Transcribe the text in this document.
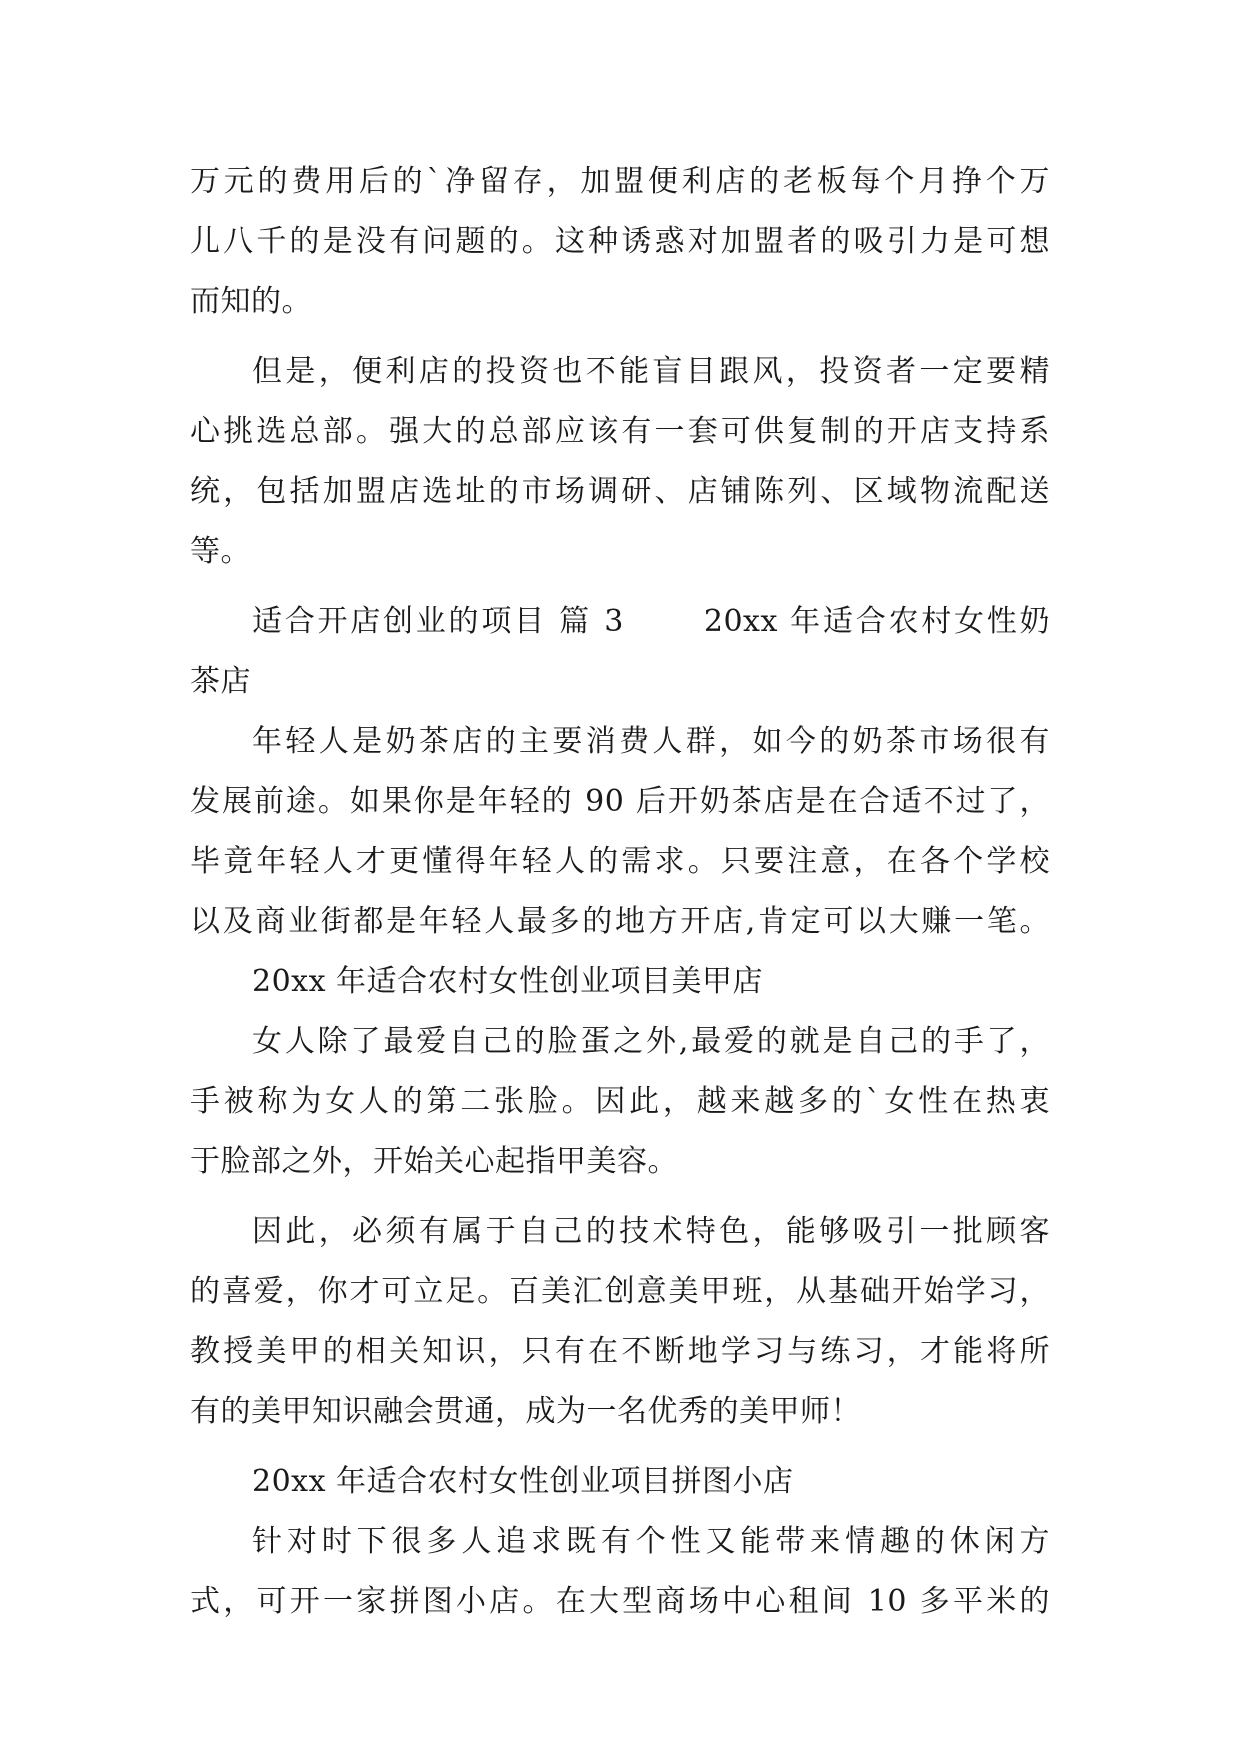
万元的费用后的`净留存，加盟便利店的老板每个月挣个万
儿八千的是没有问题的。这种诱惑对加盟者的吸引力是可想
而知的。
但是，便利店的投资也不能盲目跟风，投资者一定要精
心挑选总部。强大的总部应该有一套可供复制的开店支持系
统，包括加盟店选址的市场调研、店铺陈列、区域物流配送
等。
适合开店创业的项目 篇 3　　 20xx 年适合农村女性奶
茶店
年轻人是奶茶店的主要消费人群，如今的奶茶市场很有
发展前途。如果你是年轻的 90 后开奶茶店是在合适不过了，
毕竟年轻人才更懂得年轻人的需求。只要注意，在各个学校
以及商业街都是年轻人最多的地方开店,肯定可以大赚一笔。
20xx 年适合农村女性创业项目美甲店
女人除了最爱自己的脸蛋之外,最爱的就是自己的手了，
手被称为女人的第二张脸。因此，越来越多的`女性在热衷
于脸部之外，开始关心起指甲美容。
因此，必须有属于自己的技术特色，能够吸引一批顾客
的喜爱，你才可立足。百美汇创意美甲班，从基础开始学习，
教授美甲的相关知识，只有在不断地学习与练习，才能将所
有的美甲知识融会贯通，成为一名优秀的美甲师！
20xx 年适合农村女性创业项目拼图小店
针对时下很多人追求既有个性又能带来情趣的休闲方
式，可开一家拼图小店。在大型商场中心租间 10 多平米的
